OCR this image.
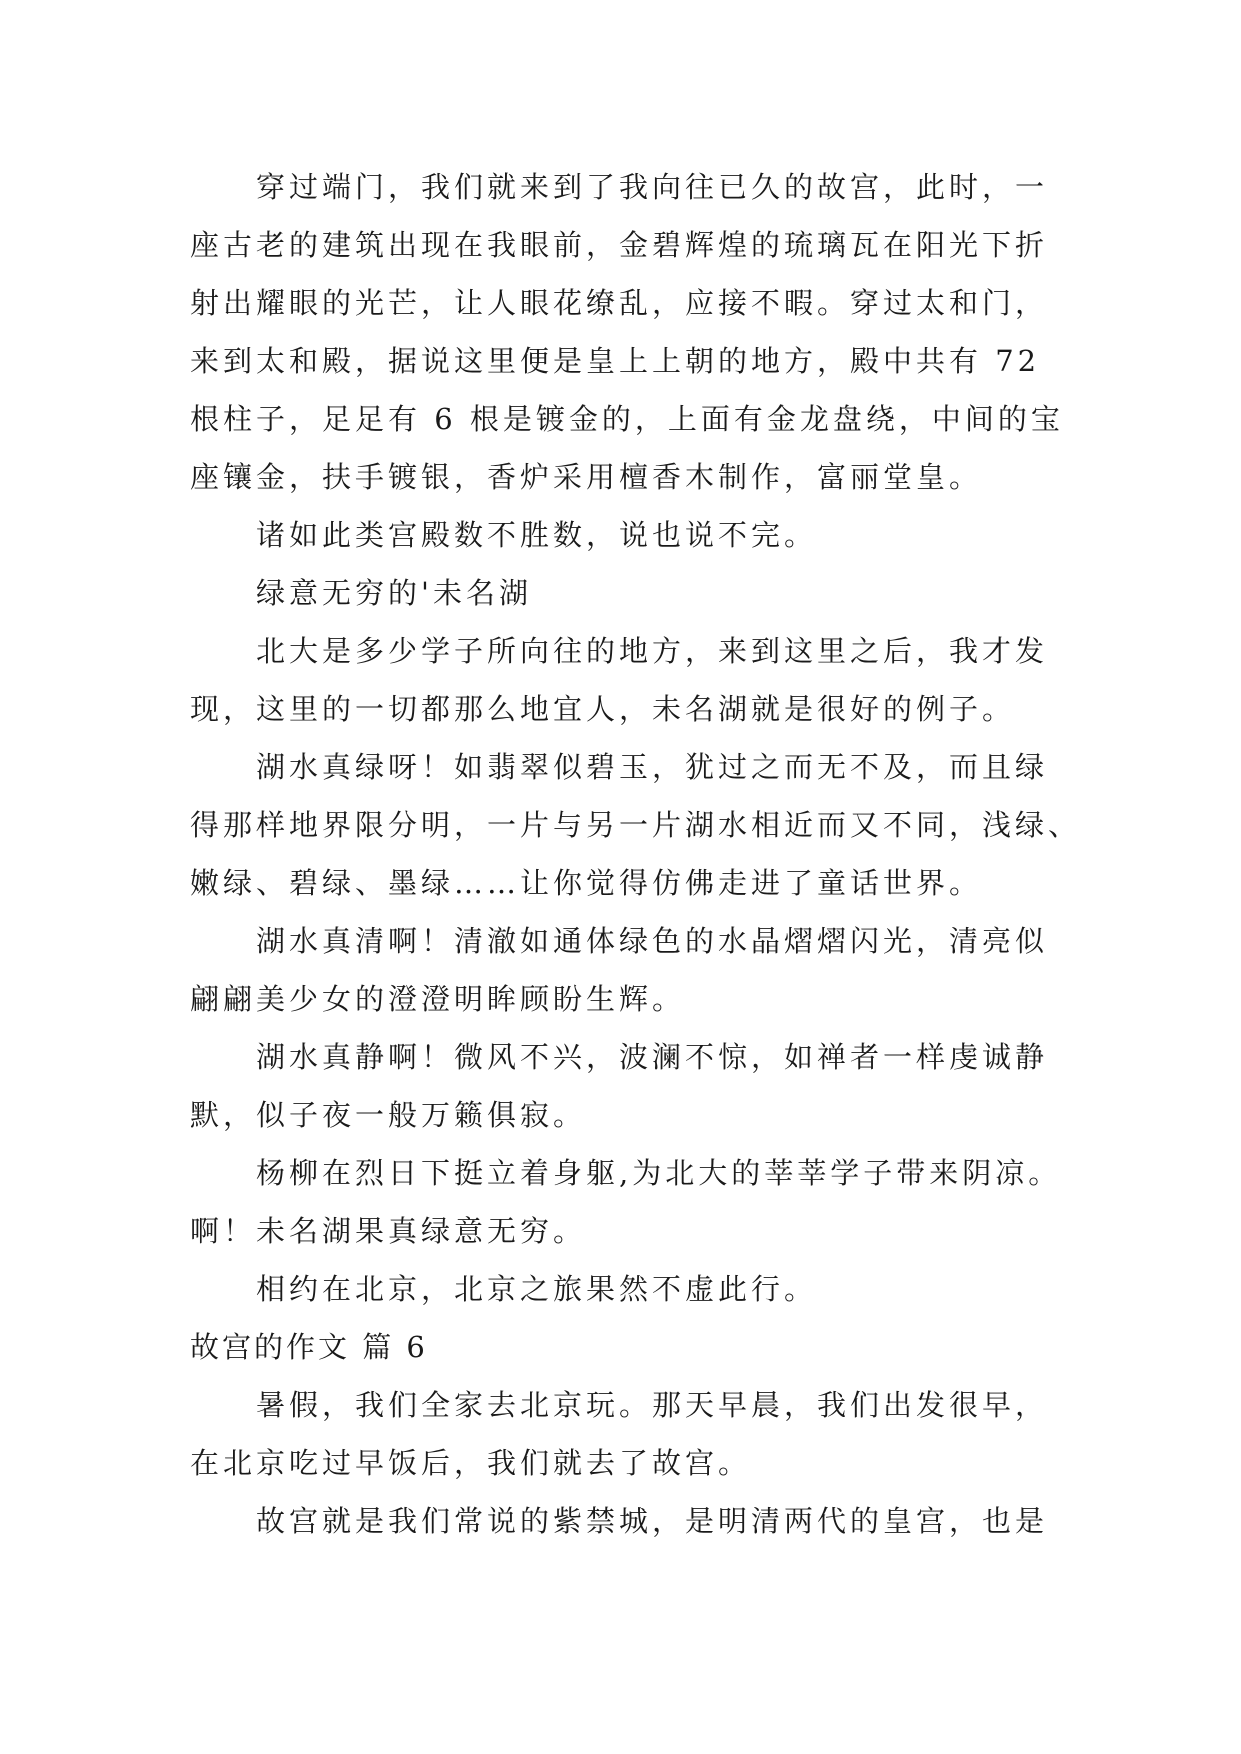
穿过端门，我们就来到了我向往已久的故宫，此时，一
座古老的建筑出现在我眼前，金碧辉煌的琉璃瓦在阳光下折
射出耀眼的光芒，让人眼花缭乱，应接不暇。穿过太和门，
来到太和殿，据说这里便是皇上上朝的地方，殿中共有 72
根柱子，足足有 6 根是镀金的，上面有金龙盘绕，中间的宝
座镶金，扶手镀银，香炉采用檀香木制作，富丽堂皇。
诸如此类宫殿数不胜数，说也说不完。
绿意无穷的'未名湖
北大是多少学子所向往的地方，来到这里之后，我才发
现，这里的一切都那么地宜人，未名湖就是很好的例子。
湖水真绿呀！如翡翠似碧玉，犹过之而无不及，而且绿
得那样地界限分明，一片与另一片湖水相近而又不同，浅绿、
嫩绿、碧绿、墨绿……让你觉得仿佛走进了童话世界。
湖水真清啊！清澈如通体绿色的水晶熠熠闪光，清亮似
翩翩美少女的澄澄明眸顾盼生辉。
湖水真静啊！微风不兴，波澜不惊，如禅者一样虔诚静
默，似子夜一般万籁俱寂。
杨柳在烈日下挺立着身躯,为北大的莘莘学子带来阴凉。
啊！未名湖果真绿意无穷。
相约在北京，北京之旅果然不虚此行。
故宫的作文 篇 6
暑假，我们全家去北京玩。那天早晨，我们出发很早，
在北京吃过早饭后，我们就去了故宫。
故宫就是我们常说的紫禁城，是明清两代的皇宫，也是
